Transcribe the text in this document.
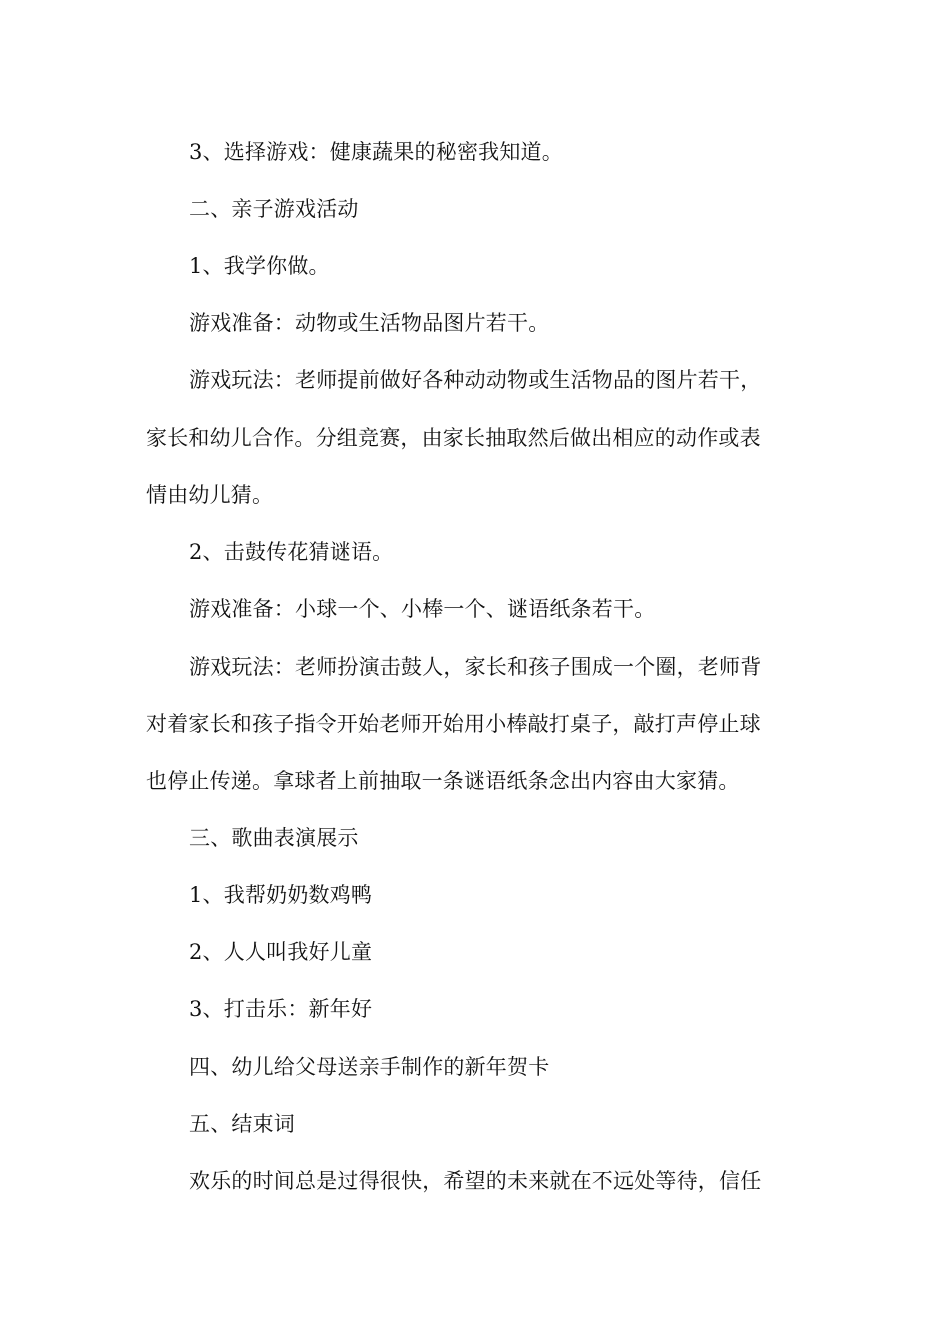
3、选择游戏：健康蔬果的秘密我知道。
二、亲子游戏活动
1、我学你做。
游戏准备：动物或生活物品图片若干。
游戏玩法：老师提前做好各种动动物或生活物品的图片若干，
家长和幼儿合作。分组竞赛，由家长抽取然后做出相应的动作或表
情由幼儿猜。
2、击鼓传花猜谜语。
游戏准备：小球一个、小棒一个、谜语纸条若干。
游戏玩法：老师扮演击鼓人，家长和孩子围成一个圈，老师背
对着家长和孩子指令开始老师开始用小棒敲打桌子，敲打声停止球
也停止传递。拿球者上前抽取一条谜语纸条念出内容由大家猜。
三、歌曲表演展示
1、我帮奶奶数鸡鸭
2、人人叫我好儿童
3、打击乐：新年好
四、幼儿给父母送亲手制作的新年贺卡
五、结束词
欢乐的时间总是过得很快，希望的未来就在不远处等待，信任
